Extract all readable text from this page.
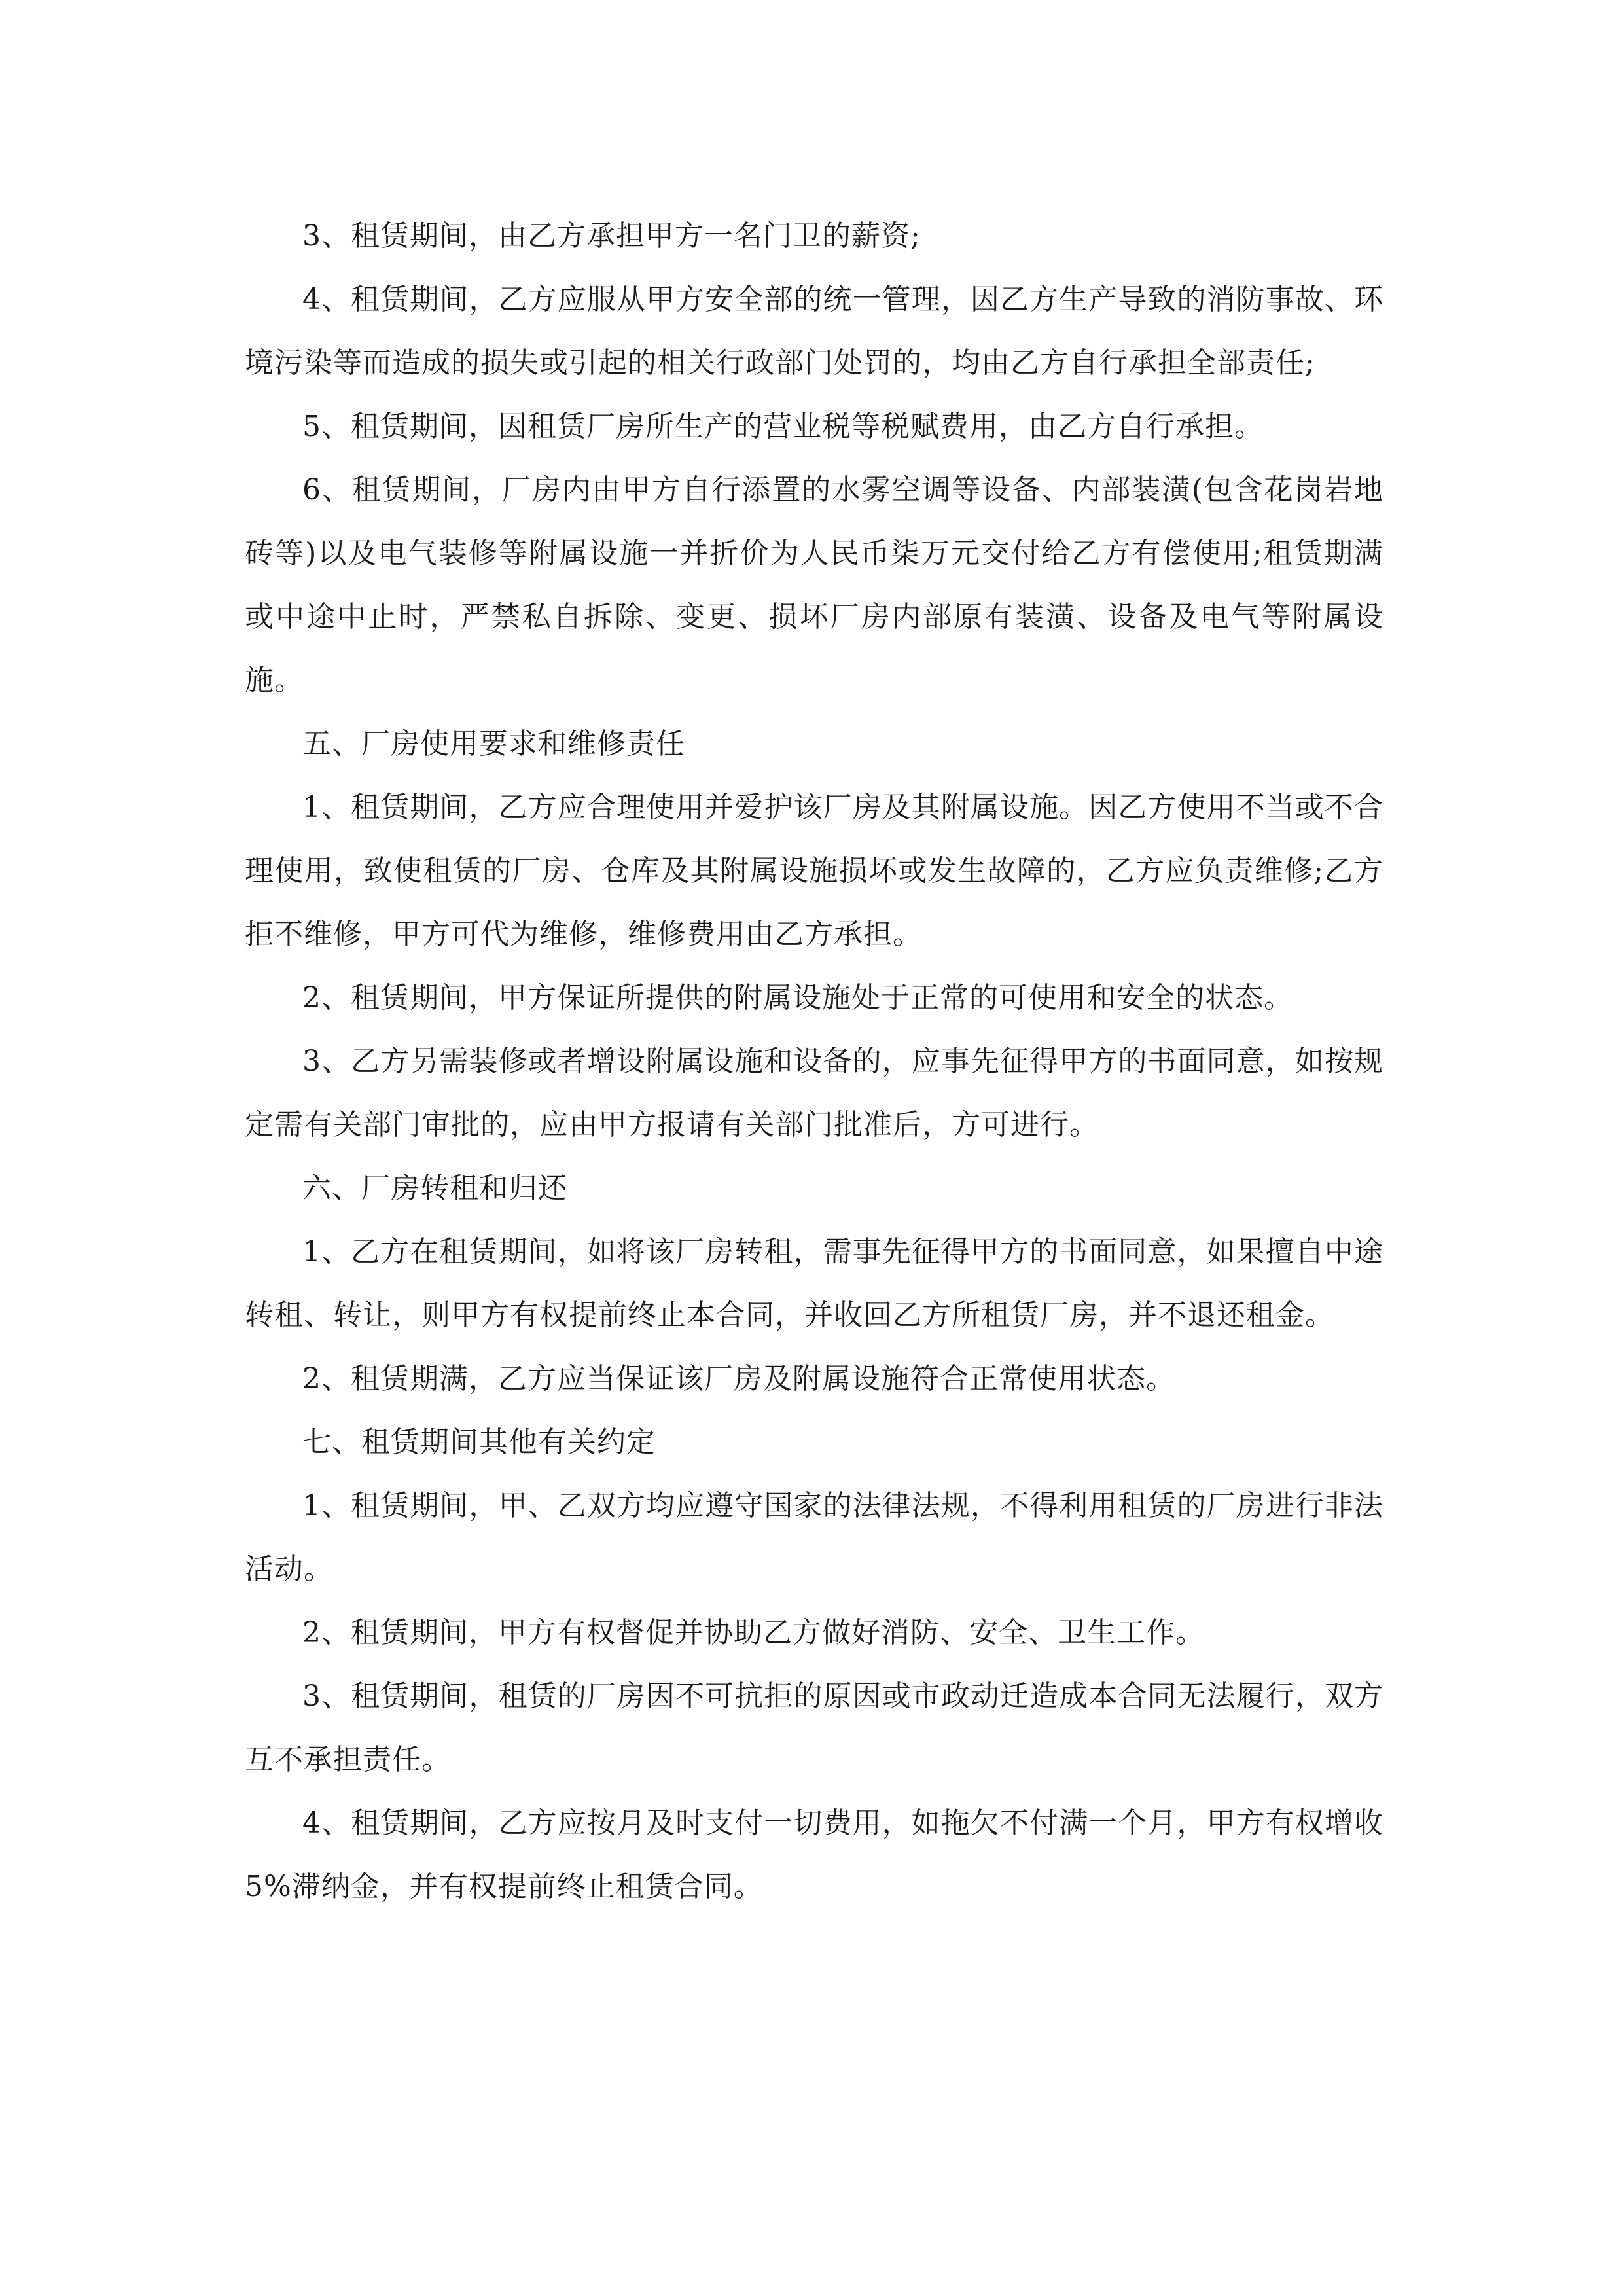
3、租赁期间，由乙方承担甲方一名门卫的薪资;

4、租赁期间，乙方应服从甲方安全部的统一管理，因乙方生产导致的消防事故、环境污染等而造成的损失或引起的相关行政部门处罚的，均由乙方自行承担全部责任;

5、租赁期间，因租赁厂房所生产的营业税等税赋费用，由乙方自行承担。

6、租赁期间，厂房内由甲方自行添置的水雾空调等设备、内部装潢(包含花岗岩地砖等)以及电气装修等附属设施一并折价为人民币柒万元交付给乙方有偿使用;租赁期满或中途中止时，严禁私自拆除、变更、损坏厂房内部原有装潢、设备及电气等附属设施。

五、厂房使用要求和维修责任

1、租赁期间，乙方应合理使用并爱护该厂房及其附属设施。因乙方使用不当或不合理使用，致使租赁的厂房、仓库及其附属设施损坏或发生故障的，乙方应负责维修;乙方拒不维修，甲方可代为维修，维修费用由乙方承担。

2、租赁期间，甲方保证所提供的附属设施处于正常的可使用和安全的状态。

3、乙方另需装修或者增设附属设施和设备的，应事先征得甲方的书面同意，如按规定需有关部门审批的，应由甲方报请有关部门批准后，方可进行。

六、厂房转租和归还

1、乙方在租赁期间，如将该厂房转租，需事先征得甲方的书面同意，如果擅自中途转租、转让，则甲方有权提前终止本合同，并收回乙方所租赁厂房，并不退还租金。

2、租赁期满，乙方应当保证该厂房及附属设施符合正常使用状态。

七、租赁期间其他有关约定

1、租赁期间，甲、乙双方均应遵守国家的法律法规，不得利用租赁的厂房进行非法活动。

2、租赁期间，甲方有权督促并协助乙方做好消防、安全、卫生工作。

3、租赁期间，租赁的厂房因不可抗拒的原因或市政动迁造成本合同无法履行，双方互不承担责任。

4、租赁期间，乙方应按月及时支付一切费用，如拖欠不付满一个月，甲方有权增收5%滞纳金，并有权提前终止租赁合同。
